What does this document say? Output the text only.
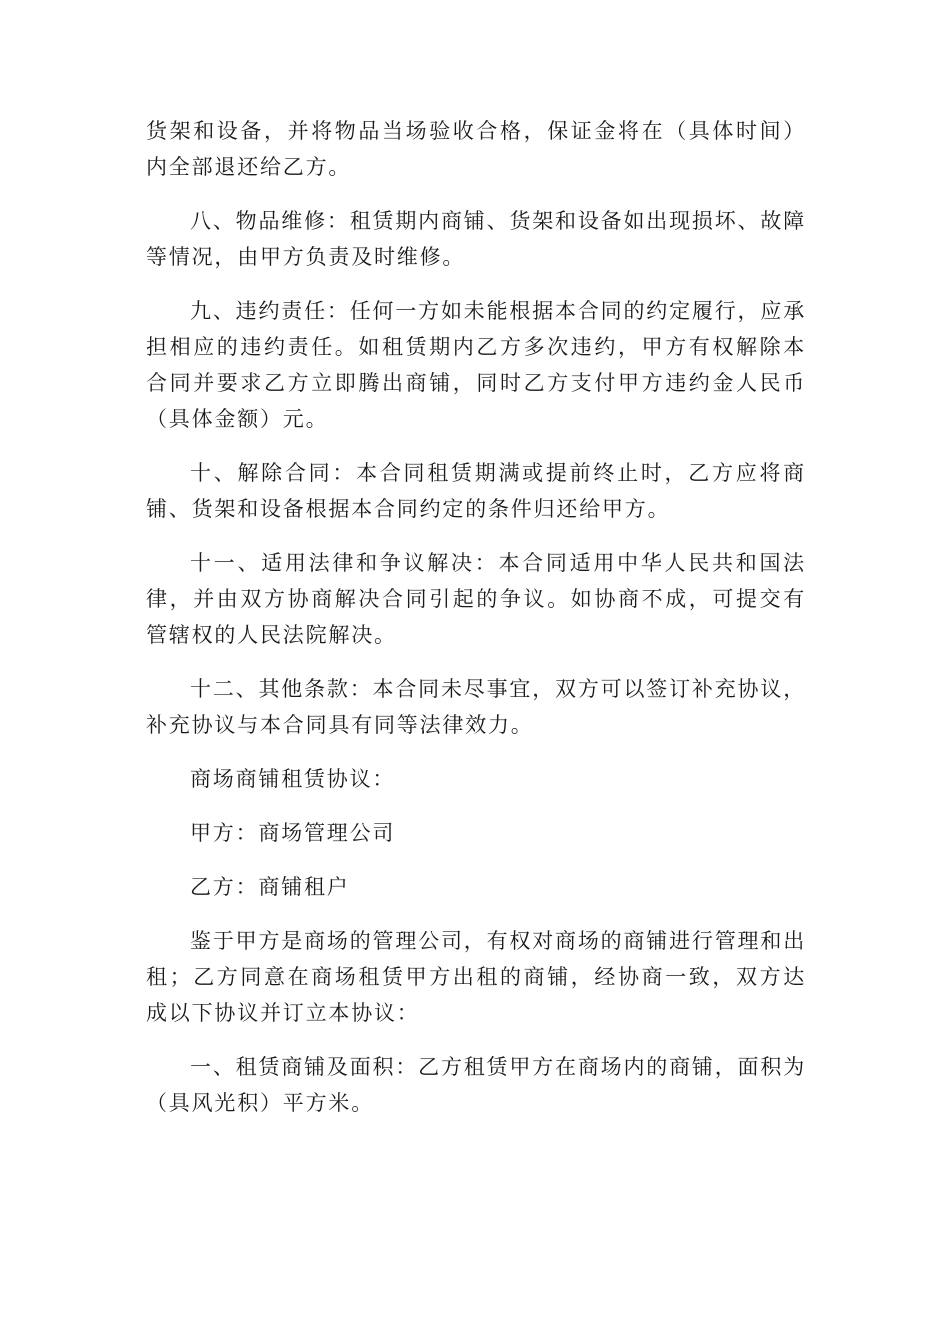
货架和设备，并将物品当场验收合格，保证金将在（具体时间）内全部退还给乙方。

八、物品维修：租赁期内商铺、货架和设备如出现损坏、故障等情况，由甲方负责及时维修。

九、违约责任：任何一方如未能根据本合同的约定履行，应承担相应的违约责任。如租赁期内乙方多次违约，甲方有权解除本合同并要求乙方立即腾出商铺，同时乙方支付甲方违约金人民币（具体金额）元。

十、解除合同：本合同租赁期满或提前终止时，乙方应将商铺、货架和设备根据本合同约定的条件归还给甲方。

十一、适用法律和争议解决：本合同适用中华人民共和国法律，并由双方协商解决合同引起的争议。如协商不成，可提交有管辖权的人民法院解决。

十二、其他条款：本合同未尽事宜，双方可以签订补充协议，补充协议与本合同具有同等法律效力。

商场商铺租赁协议：

甲方：商场管理公司

乙方：商铺租户

鉴于甲方是商场的管理公司，有权对商场的商铺进行管理和出租；乙方同意在商场租赁甲方出租的商铺，经协商一致，双方达成以下协议并订立本协议：

一、租赁商铺及面积：乙方租赁甲方在商场内的商铺，面积为（具风光积）平方米。
